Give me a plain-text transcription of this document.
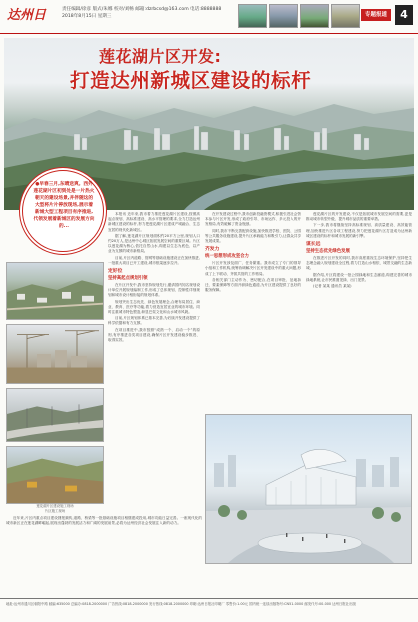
达州日	责任编辑/徐彦 版式/朱娜 校对/刘畅 邮箱:dzrbcsd@163.com 电话:8888888
2018年8月15日 星期三	专题报道	4
莲花湖片区开发:
打造达州新城区建设的标杆
●早春三月,东晴送爽。西外莲花湖片区初到处是一片热火朝天的建设场景,并伴随这的大型将片片停放现场,展示着新城大型工程项目有序推进,代领发展着新城区的发展方向的...
莲花湖片区建设施工现场
片区施工现场

本报讯 近年来,我市着力推进莲花湖片区建设,按照高起点规划、高标准建设、高水平管理的要求,全力打造达州新城区建设的标杆,努力把莲花湖片区建成产城融合、生态宜居的现代化新城区。

据了解,莲花湖片区规划面积约20平方公里,规划人口约20万人,是达州中心城区拓展发展空间的重要区域。片区以莲花湖为核心,依托自然山水,构建以生态为底色、以产业为支撑的城市新格局。

目前,片区内道路、管网等基础设施建设正在加快推进,一批重大项目已开工建设,城市框架逐步拉开。

定好位
坚持高起点规划引领

在片区开发中,我市坚持规划先行,邀请国内知名规划设计单位开展规划编制工作,形成了总体规划、控制性详细规划和城市设计相衔接的规划体系。

规划突出生态优先、绿色发展理念,合理布局居住、商业、教育、医疗等功能,着力营造宜居宜业的城市环境。同时注重城市特色塑造,彰显巴渠文化和山水城市风貌。

目前,片区规划体系已基本完善,为后续开发建设提供了科学依据和有力支撑。

在项目推进中,我市按照“成熟一个、启动一个”的原则,有序推进各类项目建设,确保片区开发建设稳步推进、取得实效。

在开发建设过程中,我市创新投融资模式,积极引进社会资本参与片区开发,形成了政府引导、市场运作、多元投入的开发格局,有效破解了资金瓶颈。

同时,我市不断完善配套设施,加快推进学校、医院、公园等公共服务设施建设,提升片区承载能力和吸引力,让群众共享发展成果。

齐发力
统一思想形成攻坚合力

片区开发涉及面广、任务繁重。我市成立了专门的领导小组和工作机构,统筹协调解决片区开发建设中的重大问题,形成了上下联动、齐抓共管的工作格局。

各相关部门主动作为、密切配合,在项目审批、征地拆迁、要素保障等方面开辟绿色通道,为片区建设提供了良好的服务保障。

莲花湖片区的开发建设,不仅是拓展城市发展空间的需要,更是推动城市转型升级、提升城市品质的重要举措。

下一步,我市将继续坚持高标准规划、高质量建设、高效能管理,加快推进片区各项工程建设,努力把莲花湖片区打造成为达州新城区建设的标杆和城市发展的新引擎。

谋长远
坚持生态优先绿色发展

在推进片区开发的同时,我市高度重视生态环境保护,坚持把生态理念融入规划建设全过程,着力打造山水相依、城景交融的生态新城。

据介绍,片区将建设一批公园绿地和生态廊道,构建完善的城市绿地系统,让市民推窗见绿、出门见景。

(记者 某某 通讯员 某某)

近年来,片区内重点项目建设捷报频传,道路、桥梁等一批基础设施项目相继建成投用,城市功能日益完善。一座现代化的城市新区正在莲花湖畔崛起,展现出蓬勃的发展活力和广阔的发展前景,必将为达州经济社会发展注入新的动力。

地址:达州市通川区朝阳中路 邮编:635000 总编办:0818-2000000 广告热线:0818-2000000 发行热线:0818-2000000 印刷:达州日报社印刷厂 零售价:1.00元 国内统一连续出版物号:CN51-0000 邮发代号:00-000 达州日报社出版
